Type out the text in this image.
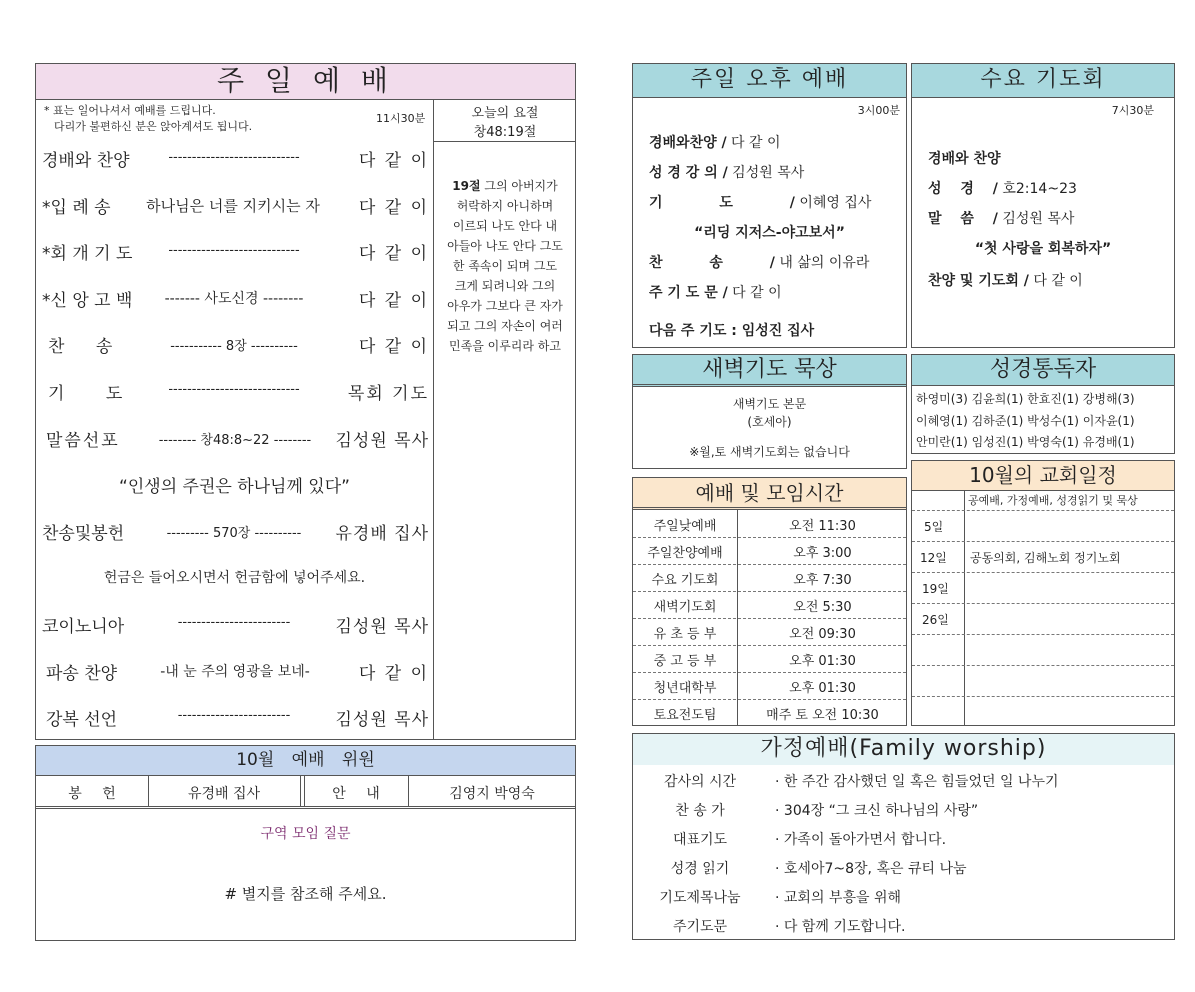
주 일 예 배
* 표는 일어나셔서 예배를 드립니다.
다리가 불편하신 분은 앉아계셔도 됩니다.
11시30분	오늘의 요절
창48:19절
19절 그의 아버지가
허락하지 아니하며
이르되 나도 안다 내
아들아 나도 안다 그도
한 족속이 되며 그도
크게 되려니와 그의
아우가 그보다 큰 자가
되고 그의 자손이 여러
민족을 이루리라 하고
경배와 찬양	----------------------------	다 같 이
*입 례 송	하나님은 너를 지키시는 자	다 같 이
*회 개 기 도	----------------------------	다 같 이
*신 앙 고 백	------- 사도신경 --------	다 같 이
찬 송	----------- 8장 ----------	다 같 이
기 도	----------------------------	목회 기도
말씀선포	-------- 창48:8~22 --------	김성원 목사
“인생의 주권은 하나님께 있다”
찬송및봉헌	--------- 570장 ----------	유경배 집사
헌금은 들어오시면서 헌금함에 넣어주세요.
코이노니아	------------------------	김성원 목사
파송 찬양	-내 눈 주의 영광을 보네-	다 같 이
강복 선언	------------------------	김성원 목사
10월 예배 위원
봉 헌	유경배 집사	안 내	김영지 박영숙
구역 모임 질문
# 별지를 참조해 주세요.
주일 오후 예배
3시00분
경배와찬양 / 다 같 이
성 경 강 의 / 김성원 목사
기 도 / 이혜영 집사
“리딩 지저스-야고보서”
찬 송 / 내 삶의 이유라
주 기 도 문 / 다 같 이
다음 주 기도 : 임성진 집사
수요 기도회
7시30분
경배와 찬양
성 경 / 호2:14~23
말 씀 / 김성원 목사
“첫 사랑을 회복하자”
찬양 및 기도회 / 다 같 이
새벽기도 묵상
새벽기도 본문
(호세아)
※월,토 새벽기도회는 없습니다
성경통독자
하영미(3) 김윤희(1) 한효진(1) 강병해(3)
이혜영(1) 김하준(1) 박성수(1) 이자윤(1)
안미란(1) 임성진(1) 박영숙(1) 유경배(1)
10월의 교회일정
공예배, 가정예배, 성경읽기 및 묵상
5일
12일 공동의회, 김해노회 정기노회
19일
26일
예배 및 모임시간
주일낮예배	오전 11:30
주일찬양예배	오후 3:00
수요 기도회	오후 7:30
새벽기도회	오전 5:30
유 초 등 부	오전 09:30
중 고 등 부	오후 01:30
청년대학부	오후 01:30
토요전도팀	매주 토 오전 10:30
가정예배(Family worship)
감사의 시간	· 한 주간 감사했던 일 혹은 힘들었던 일 나누기
찬 송 가	· 304장 “그 크신 하나님의 사랑”
대표기도	· 가족이 돌아가면서 합니다.
성경 읽기	· 호세아7~8장, 혹은 큐티 나눔
기도제목나눔	· 교회의 부흥을 위해
주기도문	· 다 함께 기도합니다.
